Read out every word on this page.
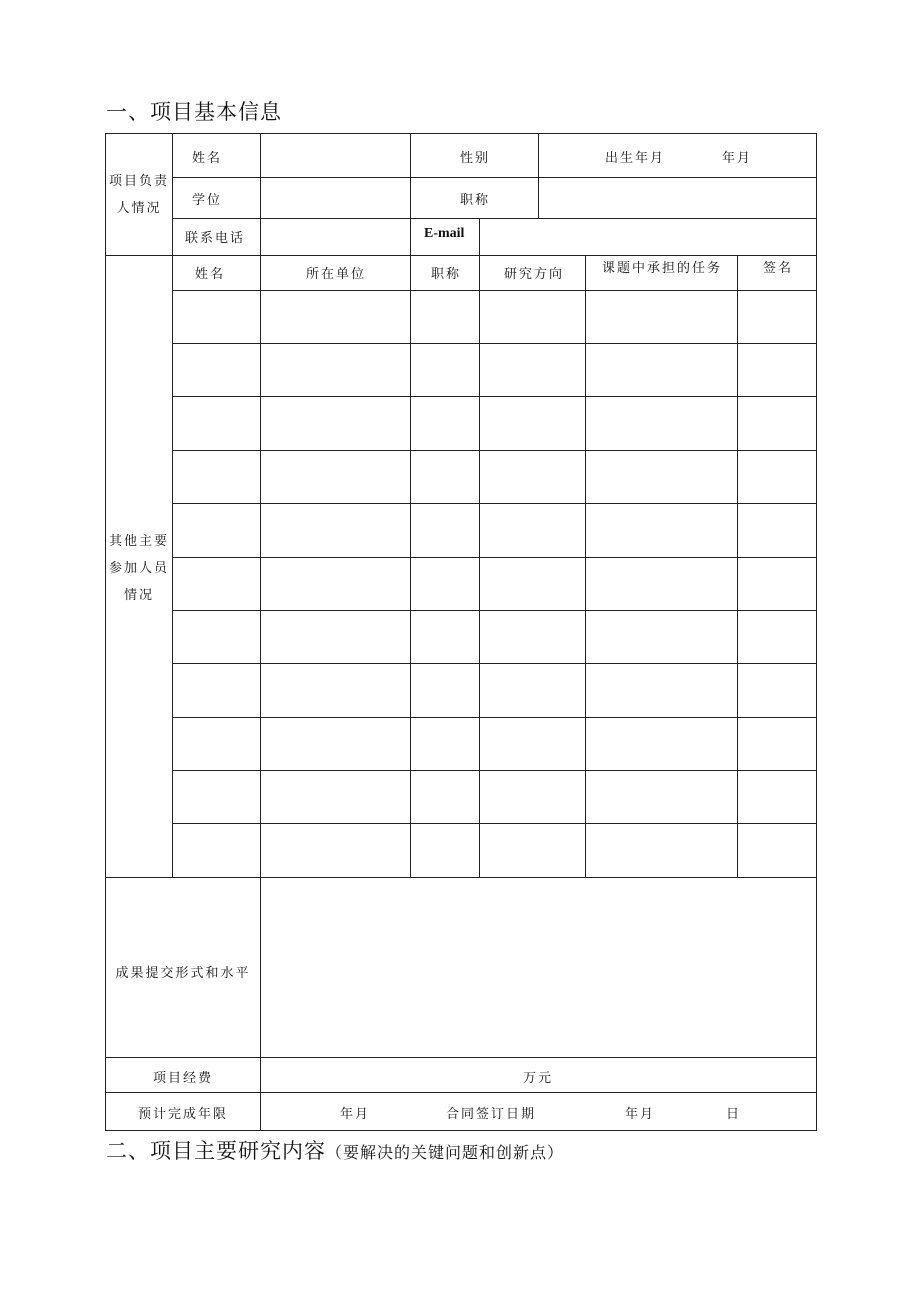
一、项目基本信息
项目负责
人情况
姓名	性别	出生年月	年月
学位	职称
联系电话	E-mail
其他主要
参加人员
情况
姓名	所在单位	职称	研究方向	课题中承担的任务	签名
成果提交形式和水平
项目经费	万元
预计完成年限	年月	合同签订日期	年月	日
二、项目主要研究内容（要解决的关键问题和创新点）
